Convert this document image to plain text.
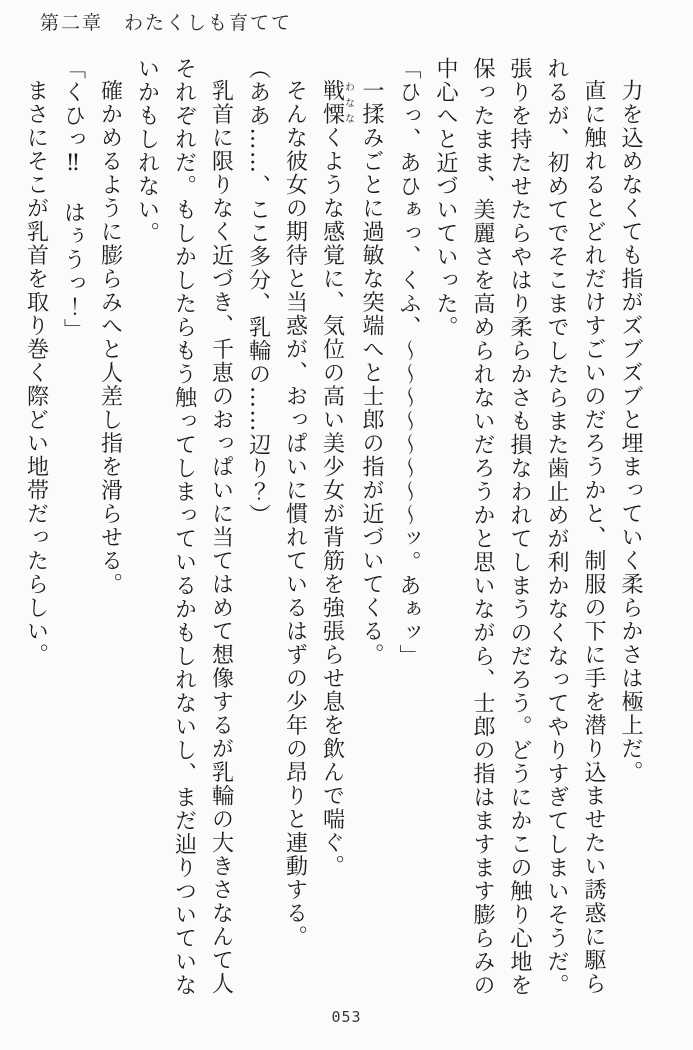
第二章　わたくしも育てて

力を込めなくても指がズブズブと埋まっていく柔らかさは極上だ。

直に触れるとどれだけすごいのだろうかと、制服の下に手を潜り込ませたい誘惑に駆られるが、初めてでそこまでしたらまた歯止めが利かなくなってやりすぎてしまいそうだ。張りを持たせたらやはり柔らかさも損なわれてしまうのだろう。どうにかこの触り心地を保ったまま、美麗さを高められないだろうかと思いながら、士郎の指はますます膨らみの中心へと近づいていった。

「ひっ、あひぁっ、くふ、～～～～～～～～ッ。あぁッ」

一揉みごとに過敏な突端へと士郎の指が近づいてくる。

戦慄わななくような感覚に、気位の高い美少女が背筋を強張らせ息を飲んで喘ぐ。

そんな彼女の期待と当惑が、おっぱいに慣れているはずの少年の昂りと連動する。

（ああ……、ここ多分、乳輪の……辺り？）

乳首に限りなく近づき、千恵のおっぱいに当てはめて想像するが乳輪の大きさなんて人それぞれだ。もしかしたらもう触ってしまっているかもしれないし、まだ辿りついていないかもしれない。

確かめるように膨らみへと人差し指を滑らせる。

「くひっ‼　はぅうっ！」

まさにそこが乳首を取り巻く際どい地帯だったらしい。

053
